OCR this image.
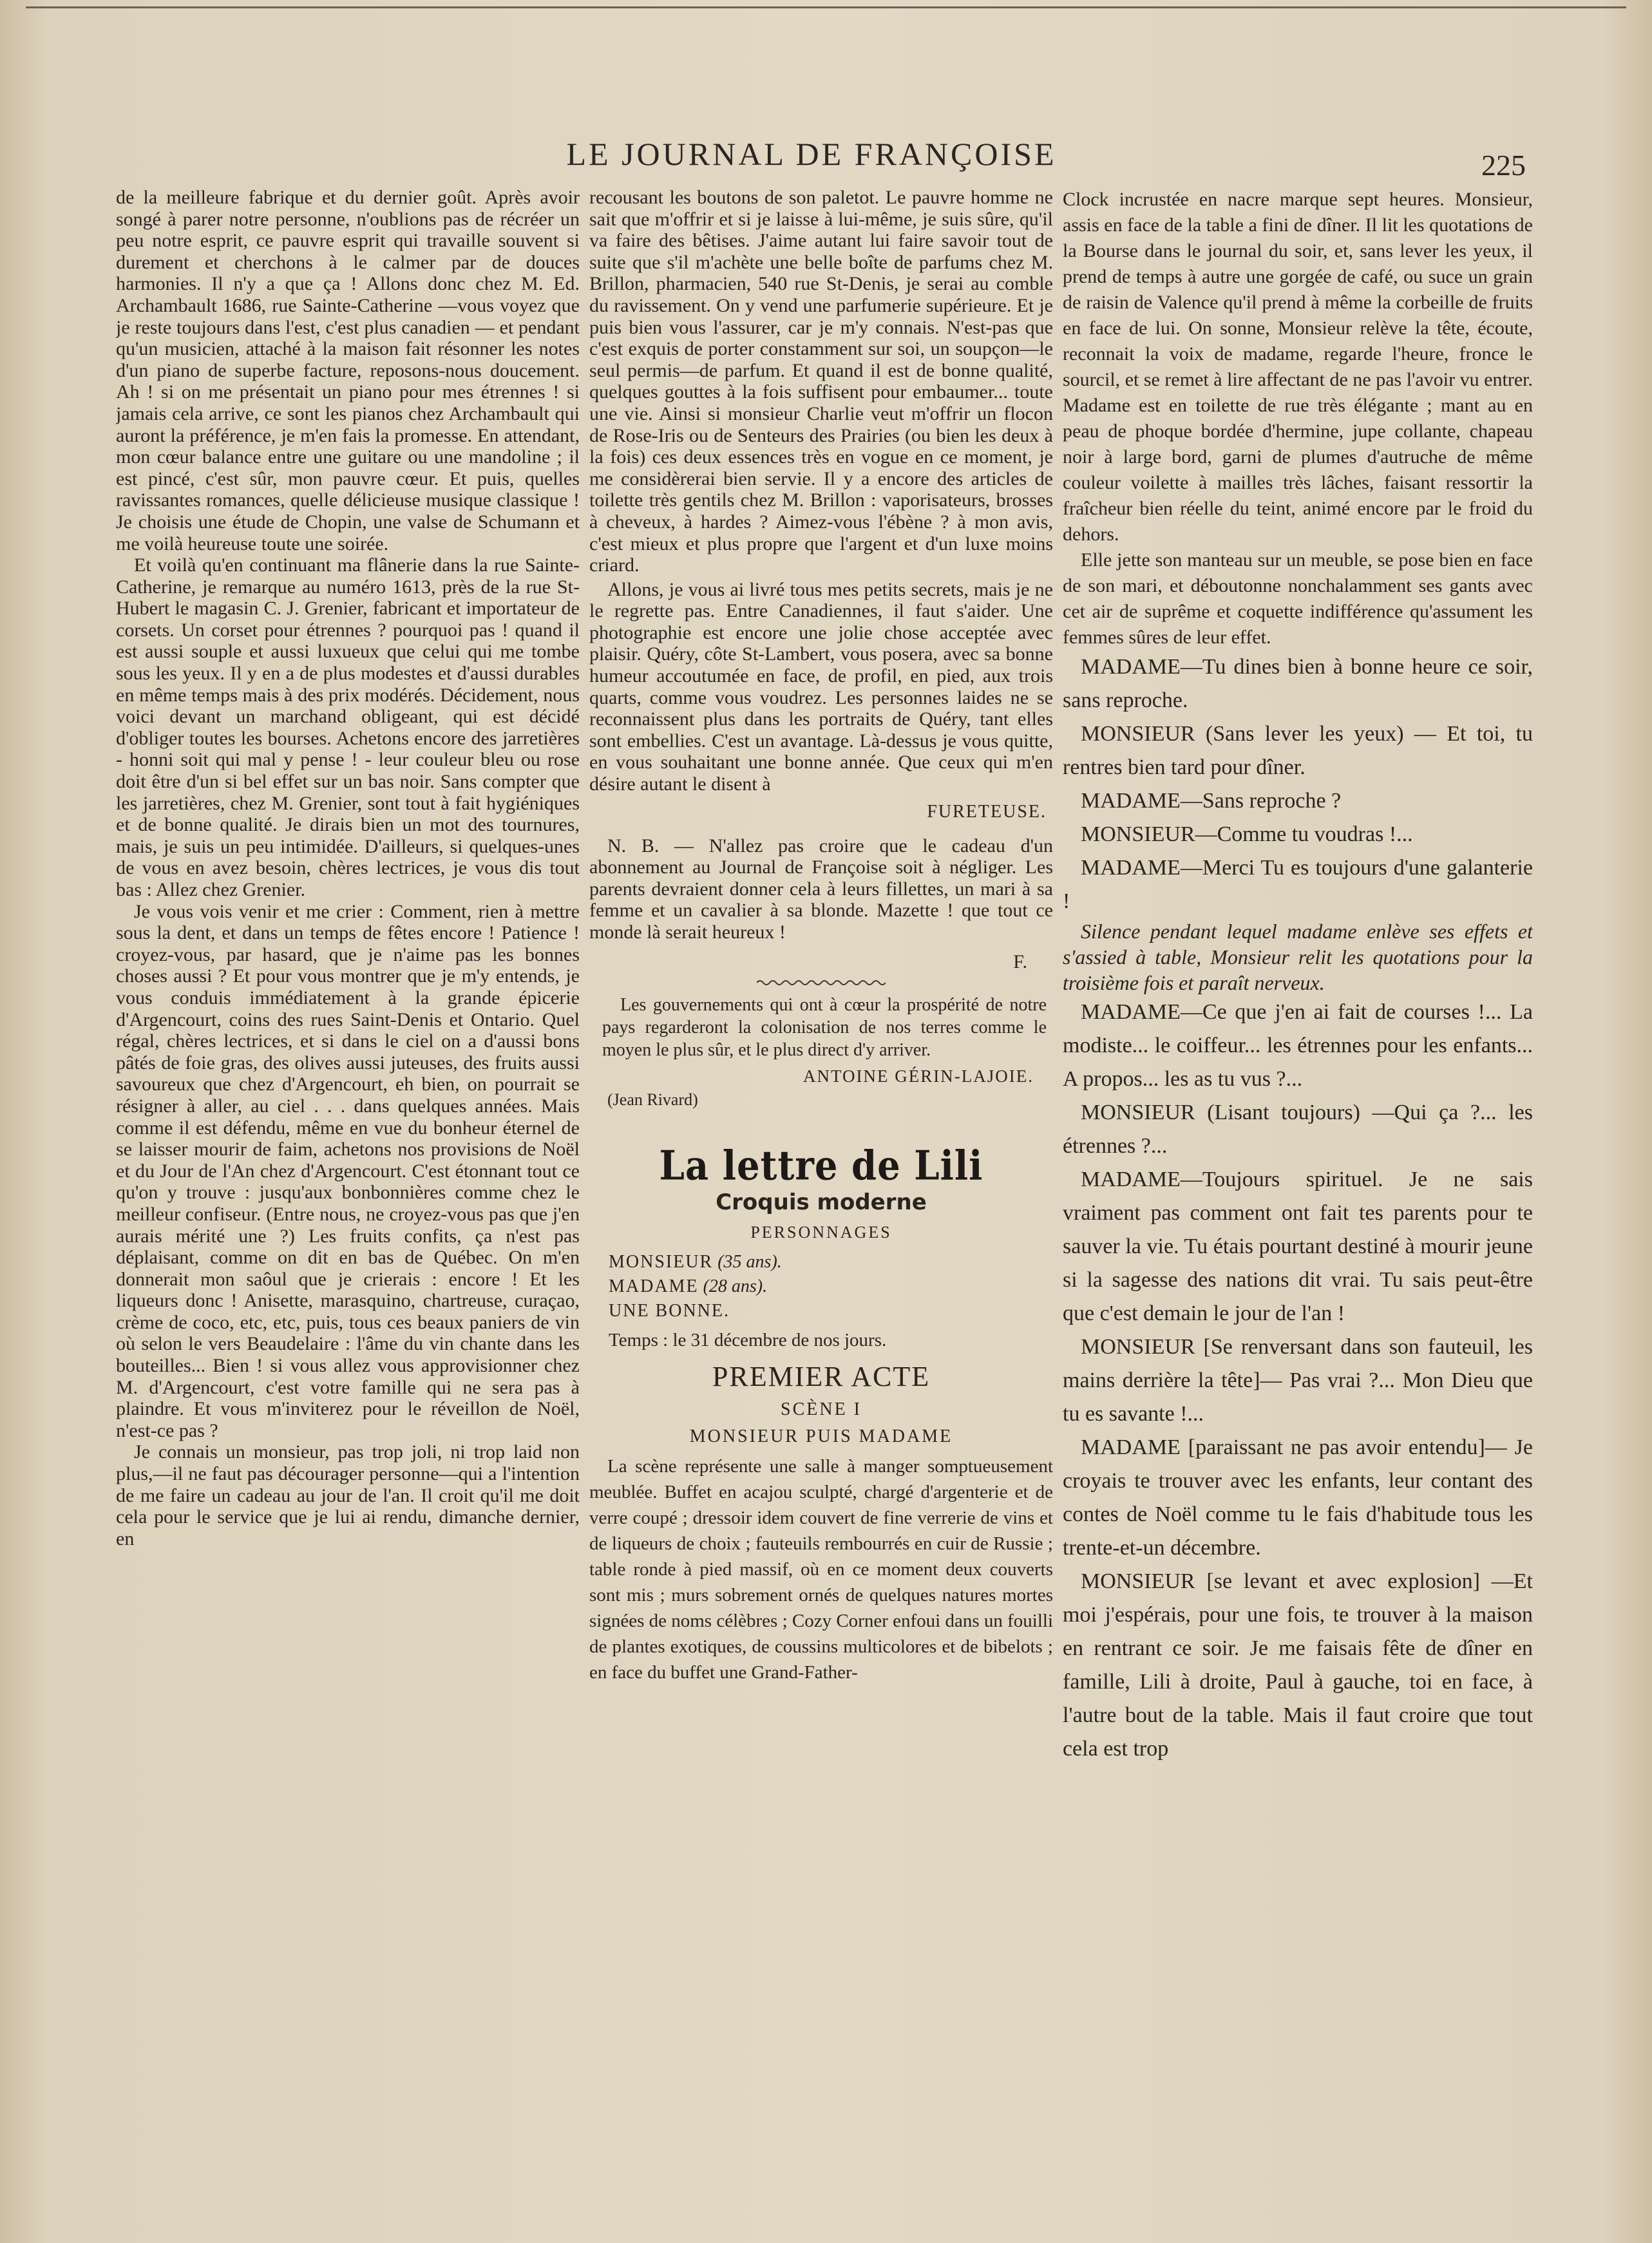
LE JOURNAL DE FRANÇOISE	225

de la meilleure fabrique et du dernier goût. Après avoir songé à parer notre personne, n'oublions pas de récréer un peu notre esprit, ce pauvre esprit qui travaille souvent si durement et cherchons à le calmer par de douces harmonies. Il n'y a que ça ! Allons donc chez M. Ed. Archambault 1686, rue Sainte-Catherine —vous voyez que je reste toujours dans l'est, c'est plus canadien — et pendant qu'un musicien, attaché à la maison fait résonner les notes d'un piano de superbe facture, reposons-nous doucement. Ah ! si on me présentait un piano pour mes étrennes ! si jamais cela arrive, ce sont les pianos chez Archambault qui auront la préférence, je m'en fais la promesse. En attendant, mon cœur balance entre une guitare ou une mandoline ; il est pincé, c'est sûr, mon pauvre cœur. Et puis, quelles ravissantes romances, quelle délicieuse musique classique ! Je choisis une étude de Chopin, une valse de Schumann et me voilà heureuse toute une soirée.

Et voilà qu'en continuant ma flânerie dans la rue Sainte-Catherine, je remarque au numéro 1613, près de la rue St-Hubert le magasin C. J. Grenier, fabricant et importateur de corsets. Un corset pour étrennes ? pourquoi pas ! quand il est aussi souple et aussi luxueux que celui qui me tombe sous les yeux. Il y en a de plus modestes et d'aussi durables en même temps mais à des prix modérés. Décidement, nous voici devant un marchand obligeant, qui est décidé d'obliger toutes les bourses. Achetons encore des jarretières - honni soit qui mal y pense ! - leur couleur bleu ou rose doit être d'un si bel effet sur un bas noir. Sans compter que les jarretières, chez M. Grenier, sont tout à fait hygiéniques et de bonne qualité. Je dirais bien un mot des tournures, mais, je suis un peu intimidée. D'ailleurs, si quelques-unes de vous en avez besoin, chères lectrices, je vous dis tout bas : Allez chez Grenier.

Je vous vois venir et me crier : Comment, rien à mettre sous la dent, et dans un temps de fêtes encore ! Patience ! croyez-vous, par hasard, que je n'aime pas les bonnes choses aussi ? Et pour vous montrer que je m'y entends, je vous conduis immédiatement à la grande épicerie d'Argencourt, coins des rues Saint-Denis et Ontario. Quel régal, chères lectrices, et si dans le ciel on a d'aussi bons pâtés de foie gras, des olives aussi juteuses, des fruits aussi savoureux que chez d'Argencourt, eh bien, on pourrait se résigner à aller, au ciel . . . dans quelques années. Mais comme il est défendu, même en vue du bonheur éternel de se laisser mourir de faim, achetons nos provisions de Noël et du Jour de l'An chez d'Argencourt. C'est étonnant tout ce qu'on y trouve : jusqu'aux bonbonnières comme chez le meilleur confiseur. (Entre nous, ne croyez-vous pas que j'en aurais mérité une ?) Les fruits confits, ça n'est pas déplaisant, comme on dit en bas de Québec. On m'en donnerait mon saôul que je crierais : encore ! Et les liqueurs donc ! Anisette, marasquino, chartreuse, curaçao, crème de coco, etc, etc, puis, tous ces beaux paniers de vin où selon le vers Beaudelaire : l'âme du vin chante dans les bouteilles... Bien ! si vous allez vous approvisionner chez M. d'Argencourt, c'est votre famille qui ne sera pas à plaindre. Et vous m'inviterez pour le réveillon de Noël, n'est-ce pas ?

Je connais un monsieur, pas trop joli, ni trop laid non plus,—il ne faut pas décourager personne—qui a l'intention de me faire un cadeau au jour de l'an. Il croit qu'il me doit cela pour le service que je lui ai rendu, dimanche dernier, en

recousant les boutons de son paletot. Le pauvre homme ne sait que m'offrir et si je laisse à lui-même, je suis sûre, qu'il va faire des bêtises. J'aime autant lui faire savoir tout de suite que s'il m'achète une belle boîte de parfums chez M. Brillon, pharmacien, 540 rue St-Denis, je serai au comble du ravissement. On y vend une parfumerie supérieure. Et je puis bien vous l'assurer, car je m'y connais. N'est-pas que c'est exquis de porter constamment sur soi, un soupçon—le seul permis—de parfum. Et quand il est de bonne qualité, quelques gouttes à la fois suffisent pour embaumer... toute une vie. Ainsi si monsieur Charlie veut m'offrir un flocon de Rose-Iris ou de Senteurs des Prairies (ou bien les deux à la fois) ces deux essences très en vogue en ce moment, je me considèrerai bien servie. Il y a encore des articles de toilette très gentils chez M. Brillon : vaporisateurs, brosses à cheveux, à hardes ? Aimez-vous l'ébène ? à mon avis, c'est mieux et plus propre que l'argent et d'un luxe moins criard.

Allons, je vous ai livré tous mes petits secrets, mais je ne le regrette pas. Entre Canadiennes, il faut s'aider. Une photographie est encore une jolie chose acceptée avec plaisir. Quéry, côte St-Lambert, vous posera, avec sa bonne humeur accoutumée en face, de profil, en pied, aux trois quarts, comme vous voudrez. Les personnes laides ne se reconnaissent plus dans les portraits de Quéry, tant elles sont embellies. C'est un avantage. Là-dessus je vous quitte, en vous souhaitant une bonne année. Que ceux qui m'en désire autant le disent à

FURETEUSE.

N. B. — N'allez pas croire que le cadeau d'un abonnement au Journal de Françoise soit à négliger. Les parents devraient donner cela à leurs fillettes, un mari à sa femme et un cavalier à sa blonde. Mazette ! que tout ce monde là serait heureux !

F.

Les gouvernements qui ont à cœur la prospérité de notre pays regarderont la colonisation de nos terres comme le moyen le plus sûr, et le plus direct d'y arriver.

ANTOINE GÉRIN-LAJOIE.
(Jean Rivard)
La lettre de Lili
Croquis moderne
PERSONNAGES
MONSIEUR (35 ans).
MADAME (28 ans).
UNE BONNE.
Temps : le 31 décembre de nos jours.
PREMIER ACTE
SCÈNE I
MONSIEUR PUIS MADAME

La scène représente une salle à manger somptueusement meublée. Buffet en acajou sculpté, chargé d'argenterie et de verre coupé ; dressoir idem couvert de fine verrerie de vins et de liqueurs de choix ; fauteuils rembourrés en cuir de Russie ; table ronde à pied massif, où en ce moment deux couverts sont mis ; murs sobrement ornés de quelques natures mortes signées de noms célèbres ; Cozy Corner enfoui dans un fouilli de plantes exotiques, de coussins multicolores et de bibelots ; en face du buffet une Grand-Father-

Clock incrustée en nacre marque sept heures. Monsieur, assis en face de la table a fini de dîner. Il lit les quotations de la Bourse dans le journal du soir, et, sans lever les yeux, il prend de temps à autre une gorgée de café, ou suce un grain de raisin de Valence qu'il prend à même la corbeille de fruits en face de lui. On sonne, Monsieur relève la tête, écoute, reconnait la voix de madame, regarde l'heure, fronce le sourcil, et se remet à lire affectant de ne pas l'avoir vu entrer. Madame est en toilette de rue très élégante ; mant au en peau de phoque bordée d'hermine, jupe collante, chapeau noir à large bord, garni de plumes d'autruche de même couleur voilette à mailles très lâches, faisant ressortir la fraîcheur bien réelle du teint, animé encore par le froid du dehors.

Elle jette son manteau sur un meuble, se pose bien en face de son mari, et déboutonne nonchalamment ses gants avec cet air de suprême et coquette indifférence qu'assument les femmes sûres de leur effet.

MADAME—Tu dines bien à bonne heure ce soir, sans reproche.

MONSIEUR (Sans lever les yeux) — Et toi, tu rentres bien tard pour dîner.

MADAME—Sans reproche ?

MONSIEUR—Comme tu voudras !...

MADAME—Merci Tu es toujours d'une galanterie !

Silence pendant lequel madame enlève ses effets et s'assied à table, Monsieur relit les quotations pour la troisième fois et paraît nerveux.

MADAME—Ce que j'en ai fait de courses !... La modiste... le coiffeur... les étrennes pour les enfants... A propos... les as tu vus ?...

MONSIEUR (Lisant toujours) —Qui ça ?... les étrennes ?...

MADAME—Toujours spirituel. Je ne sais vraiment pas comment ont fait tes parents pour te sauver la vie. Tu étais pourtant destiné à mourir jeune si la sagesse des nations dit vrai. Tu sais peut-être que c'est demain le jour de l'an !

MONSIEUR [Se renversant dans son fauteuil, les mains derrière la tête]— Pas vrai ?... Mon Dieu que tu es savante !...

MADAME [paraissant ne pas avoir entendu]— Je croyais te trouver avec les enfants, leur contant des contes de Noël comme tu le fais d'habitude tous les trente-et-un décembre.

MONSIEUR [se levant et avec explosion] —Et moi j'espérais, pour une fois, te trouver à la maison en rentrant ce soir. Je me faisais fête de dîner en famille, Lili à droite, Paul à gauche, toi en face, à l'autre bout de la table. Mais il faut croire que tout cela est trop
